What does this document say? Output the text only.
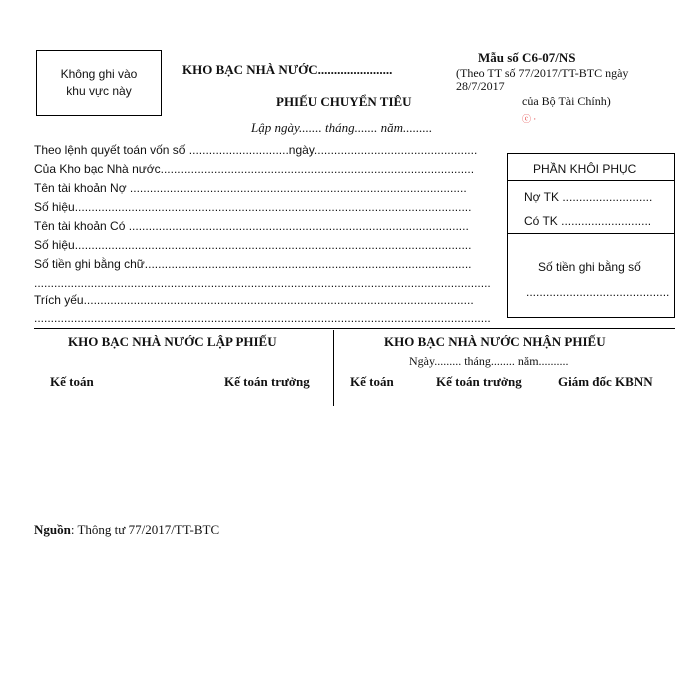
Không ghi vào
khu vực này
KHO BẠC NHÀ NƯỚC.......................
PHIẾU CHUYỂN TIÊU
Lập ngày....... tháng....... năm.........
Mẫu số C6-07/NS
(Theo TT số 77/2017/TT-BTC ngày
28/7/2017
của Bộ Tài Chính)
ⓒ ·
Theo lệnh quyết toán vốn số ..............................ngày.................................................
Của Kho bạc Nhà nước..............................................................................................
Tên tài khoản Nợ .....................................................................................................
Số hiệu.......................................................................................................................
Tên tài khoản Có ......................................................................................................
Số hiệu.......................................................................................................................
Số tiền ghi bằng chữ..................................................................................................
.........................................................................................................................................
Trích yếu.....................................................................................................................
.........................................................................................................................................
PHẦN KHÔI PHỤC
Nợ TK ...........................
Có TK ...........................
Số tiền ghi bằng số
...........................................
KHO BẠC NHÀ NƯỚC LẬP PHIẾU
Kế toán	Kế toán trưởng
KHO BẠC NHÀ NƯỚC NHẬN PHIẾU
Ngày......... tháng........ năm..........
Kế toán	Kế toán trưởng	Giám đốc KBNN
Nguồn: Thông tư 77/2017/TT-BTC
